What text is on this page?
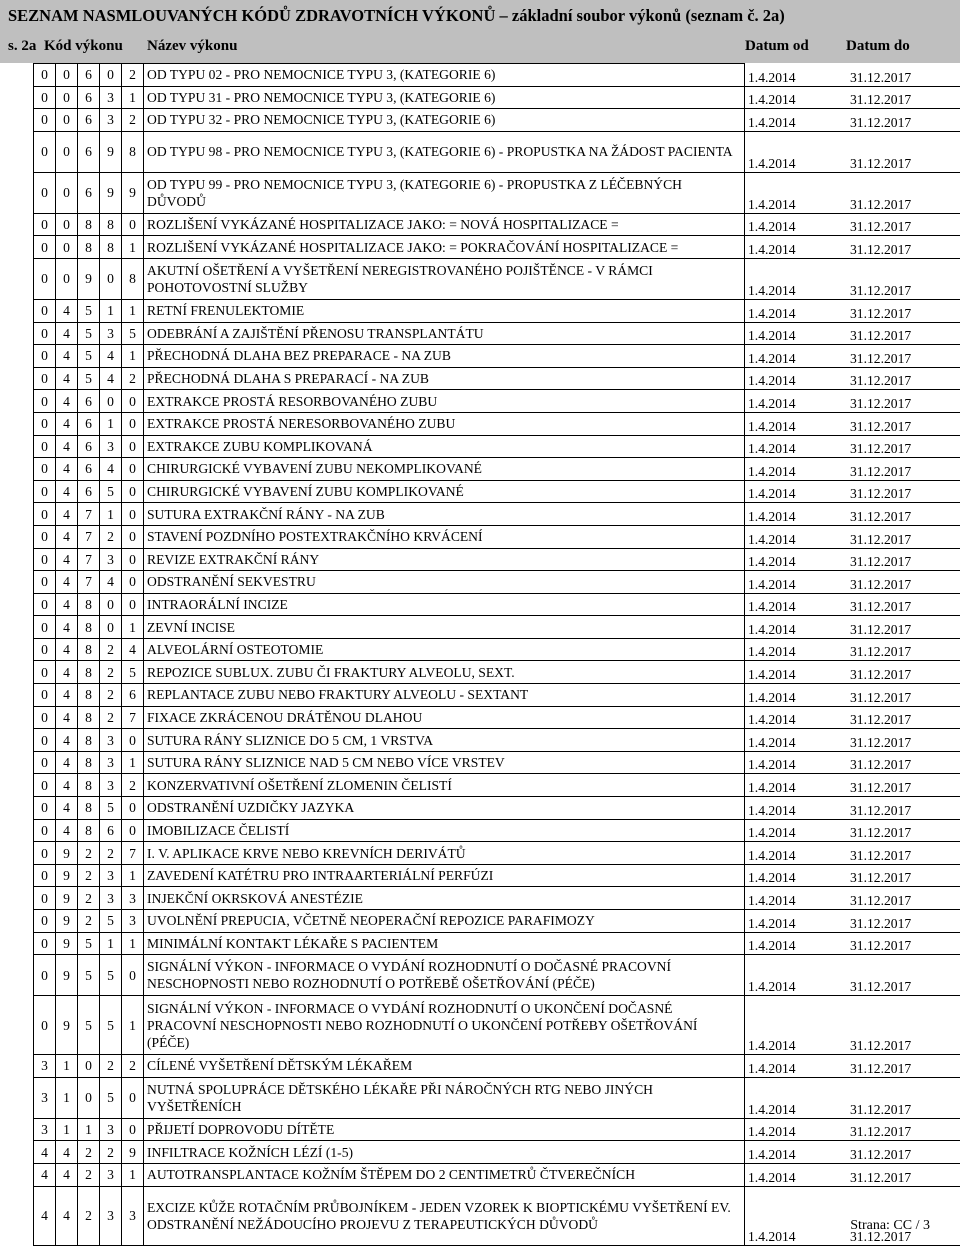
SEZNAM NASMLOUVANÝCH KÓDŮ ZDRAVOTNÍCH VÝKONŮ – základní soubor výkonů (seznam č. 2a)
s. 2a Kód výkonu Název výkonu	Datum od Datum do
0	0	6	0	2	OD TYPU 02 - PRO NEMOCNICE TYPU 3, (KATEGORIE 6)	1.4.2014	31.12.2017
0	0	6	3	1	OD TYPU 31 - PRO NEMOCNICE TYPU 3, (KATEGORIE 6)	1.4.2014	31.12.2017
0	0	6	3	2	OD TYPU 32 - PRO NEMOCNICE TYPU 3, (KATEGORIE 6)	1.4.2014	31.12.2017
0	0	6	9	8	OD TYPU 98 - PRO NEMOCNICE TYPU 3, (KATEGORIE 6) - PROPUSTKA NA ŽÁDOST PACIENTA	1.4.2014	31.12.2017
0	0	6	9	9	OD TYPU 99 - PRO NEMOCNICE TYPU 3, (KATEGORIE 6) - PROPUSTKA Z LÉČEBNÝCH DŮVODŮ	1.4.2014	31.12.2017
0	0	8	8	0	ROZLIŠENÍ VYKÁZANÉ HOSPITALIZACE JAKO: = NOVÁ HOSPITALIZACE =	1.4.2014	31.12.2017
0	0	8	8	1	ROZLIŠENÍ VYKÁZANÉ HOSPITALIZACE JAKO: = POKRAČOVÁNÍ HOSPITALIZACE =	1.4.2014	31.12.2017
0	0	9	0	8	AKUTNÍ OŠETŘENÍ A VYŠETŘENÍ NEREGISTROVANÉHO POJIŠTĚNCE - V RÁMCI POHOTOVOSTNÍ SLUŽBY	1.4.2014	31.12.2017
0	4	5	1	1	RETNÍ FRENULEKTOMIE	1.4.2014	31.12.2017
0	4	5	3	5	ODEBRÁNÍ A ZAJIŠTĚNÍ PŘENOSU TRANSPLANTÁTU	1.4.2014	31.12.2017
0	4	5	4	1	PŘECHODNÁ DLAHA BEZ PREPARACE - NA ZUB	1.4.2014	31.12.2017
0	4	5	4	2	PŘECHODNÁ DLAHA S PREPARACÍ - NA ZUB	1.4.2014	31.12.2017
0	4	6	0	0	EXTRAKCE PROSTÁ RESORBOVANÉHO ZUBU	1.4.2014	31.12.2017
0	4	6	1	0	EXTRAKCE PROSTÁ NERESORBOVANÉHO ZUBU	1.4.2014	31.12.2017
0	4	6	3	0	EXTRAKCE ZUBU KOMPLIKOVANÁ	1.4.2014	31.12.2017
0	4	6	4	0	CHIRURGICKÉ VYBAVENÍ ZUBU NEKOMPLIKOVANÉ	1.4.2014	31.12.2017
0	4	6	5	0	CHIRURGICKÉ VYBAVENÍ ZUBU KOMPLIKOVANÉ	1.4.2014	31.12.2017
0	4	7	1	0	SUTURA EXTRAKČNÍ RÁNY - NA ZUB	1.4.2014	31.12.2017
0	4	7	2	0	STAVENÍ POZDNÍHO POSTEXTRAKČNÍHO KRVÁCENÍ	1.4.2014	31.12.2017
0	4	7	3	0	REVIZE EXTRAKČNÍ RÁNY	1.4.2014	31.12.2017
0	4	7	4	0	ODSTRANĚNÍ SEKVESTRU	1.4.2014	31.12.2017
0	4	8	0	0	INTRAORÁLNÍ INCIZE	1.4.2014	31.12.2017
0	4	8	0	1	ZEVNÍ INCISE	1.4.2014	31.12.2017
0	4	8	2	4	ALVEOLÁRNÍ OSTEOTOMIE	1.4.2014	31.12.2017
0	4	8	2	5	REPOZICE SUBLUX. ZUBU ČI FRAKTURY ALVEOLU, SEXT.	1.4.2014	31.12.2017
0	4	8	2	6	REPLANTACE ZUBU NEBO FRAKTURY ALVEOLU - SEXTANT	1.4.2014	31.12.2017
0	4	8	2	7	FIXACE ZKRÁCENOU DRÁTĚNOU DLAHOU	1.4.2014	31.12.2017
0	4	8	3	0	SUTURA RÁNY SLIZNICE DO 5 CM, 1 VRSTVA	1.4.2014	31.12.2017
0	4	8	3	1	SUTURA RÁNY SLIZNICE NAD 5 CM NEBO VÍCE VRSTEV	1.4.2014	31.12.2017
0	4	8	3	2	KONZERVATIVNÍ OŠETŘENÍ ZLOMENIN ČELISTÍ	1.4.2014	31.12.2017
0	4	8	5	0	ODSTRANĚNÍ UZDIČKY JAZYKA	1.4.2014	31.12.2017
0	4	8	6	0	IMOBILIZACE ČELISTÍ	1.4.2014	31.12.2017
0	9	2	2	7	I. V. APLIKACE KRVE NEBO KREVNÍCH DERIVÁTŮ	1.4.2014	31.12.2017
0	9	2	3	1	ZAVEDENÍ KATÉTRU PRO INTRAARTERIÁLNÍ PERFÚZI	1.4.2014	31.12.2017
0	9	2	3	3	INJEKČNÍ OKRSKOVÁ ANESTÉZIE	1.4.2014	31.12.2017
0	9	2	5	3	UVOLNĚNÍ PREPUCIA, VČETNĚ NEOPERAČNÍ REPOZICE PARAFIMOZY	1.4.2014	31.12.2017
0	9	5	1	1	MINIMÁLNÍ KONTAKT LÉKAŘE S PACIENTEM	1.4.2014	31.12.2017
0	9	5	5	0	SIGNÁLNÍ VÝKON - INFORMACE O VYDÁNÍ ROZHODNUTÍ O DOČASNÉ PRACOVNÍ NESCHOPNOSTI NEBO ROZHODNUTÍ O POTŘEBĚ OŠETŘOVÁNÍ (PÉČE)	1.4.2014	31.12.2017
0	9	5	5	1	SIGNÁLNÍ VÝKON - INFORMACE O VYDÁNÍ ROZHODNUTÍ O UKONČENÍ DOČASNÉ PRACOVNÍ NESCHOPNOSTI NEBO ROZHODNUTÍ O UKONČENÍ POTŘEBY OŠETŘOVÁNÍ (PÉČE)	1.4.2014	31.12.2017
3	1	0	2	2	CÍLENÉ VYŠETŘENÍ DĚTSKÝM LÉKAŘEM	1.4.2014	31.12.2017
3	1	0	5	0	NUTNÁ SPOLUPRÁCE DĚTSKÉHO LÉKAŘE PŘI NÁROČNÝCH RTG NEBO JINÝCH VYŠETŘENÍCH	1.4.2014	31.12.2017
3	1	1	3	0	PŘIJETÍ DOPROVODU DÍTĚTE	1.4.2014	31.12.2017
4	4	2	2	9	INFILTRACE KOŽNÍCH LÉZÍ (1-5)	1.4.2014	31.12.2017
4	4	2	3	1	AUTOTRANSPLANTACE KOŽNÍM ŠTĚPEM DO 2 CENTIMETRŮ ČTVEREČNÍCH	1.4.2014	31.12.2017
4	4	2	3	3	EXCIZE KŮŽE ROTAČNÍM PRŮBOJNÍKEM - JEDEN VZOREK K BIOPTICKÉMU VYŠETŘENÍ EV. ODSTRANĚNÍ NEŽÁDOUCÍHO PROJEVU Z TERAPEUTICKÝCH DŮVODŮ	1.4.2014	31.12.2017
Strana: CC / 3
